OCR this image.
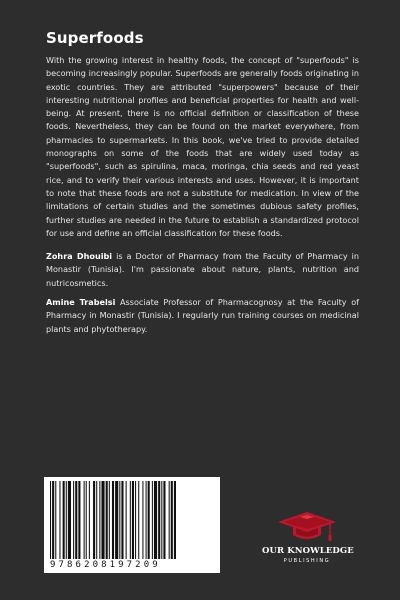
Superfoods

With the growing interest in healthy foods, the concept of "superfoods" is becoming increasingly popular. Superfoods are generally foods originating in exotic countries. They are attributed "superpowers" because of their interesting nutritional profiles and beneficial properties for health and well-being. At present, there is no official definition or classification of these foods. Nevertheless, they can be found on the market everywhere, from pharmacies to supermarkets. In this book, we've tried to provide detailed monographs on some of the foods that are widely used today as "superfoods", such as spirulina, maca, moringa, chia seeds and red yeast rice, and to verify their various interests and uses. However, it is important to note that these foods are not a substitute for medication. In view of the limitations of certain studies and the sometimes dubious safety profiles, further studies are needed in the future to establish a standardized protocol for use and define an official classification for these foods.

Zohra Dhouibi is a Doctor of Pharmacy from the Faculty of Pharmacy in Monastir (Tunisia). I'm passionate about nature, plants, nutrition and nutricosmetics.

Amine Trabelsi Associate Professor of Pharmacognosy at the Faculty of Pharmacy in Monastir (Tunisia). I regularly run training courses on medicinal plants and phytotherapy.

9786208197209
OUR KNOWLEDGE
PUBLISHING
